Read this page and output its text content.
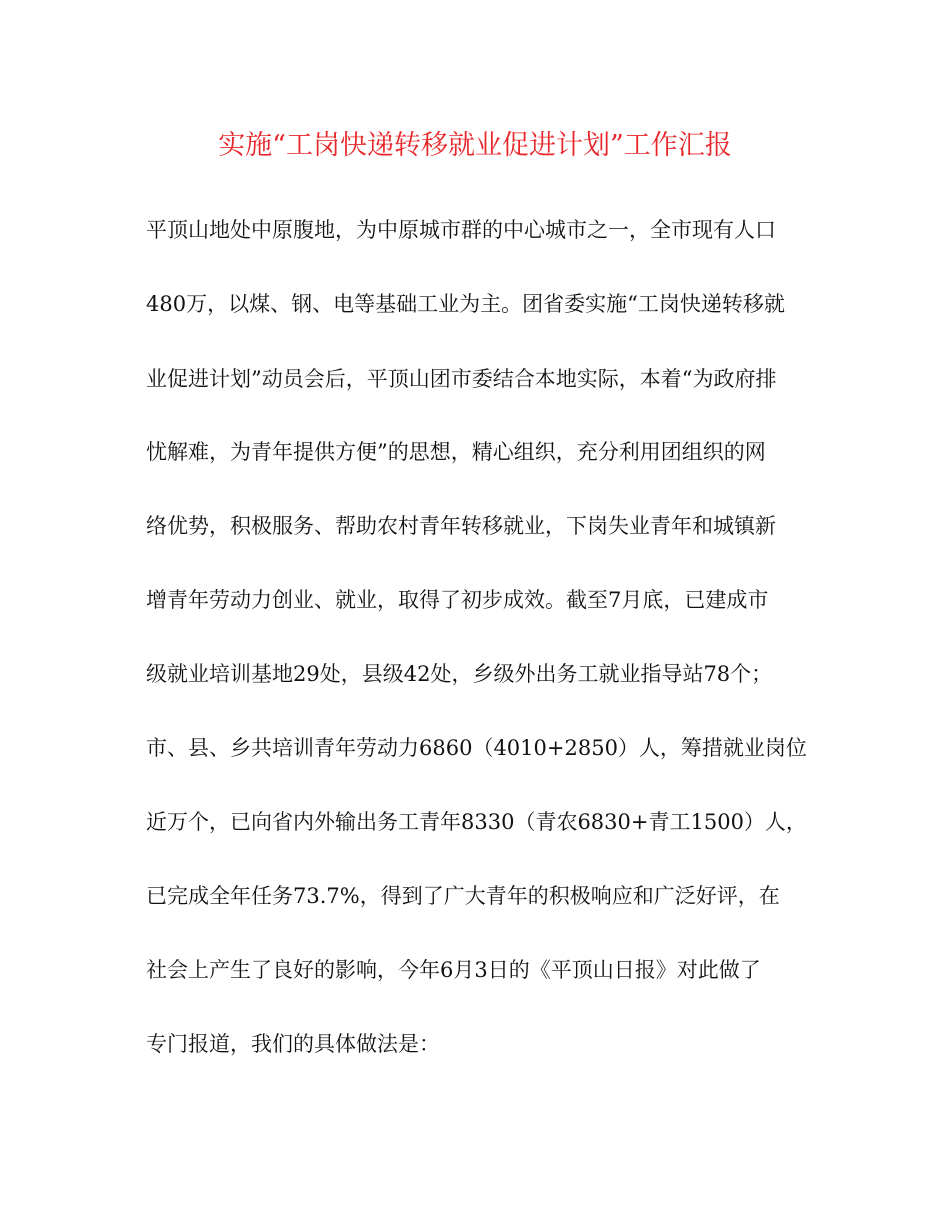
实施“工岗快递转移就业促进计划”工作汇报
平顶山地处中原腹地，为中原城市群的中心城市之一，全市现有人口
480万，以煤、钢、电等基础工业为主。团省委实施“工岗快递转移就
业促进计划”动员会后，平顶山团市委结合本地实际，本着“为政府排
忧解难，为青年提供方便”的思想，精心组织，充分利用团组织的网
络优势，积极服务、帮助农村青年转移就业，下岗失业青年和城镇新
增青年劳动力创业、就业，取得了初步成效。截至7月底，已建成市
级就业培训基地29处，县级42处，乡级外出务工就业指导站78个；
市、县、乡共培训青年劳动力6860（4010+2850）人，筹措就业岗位
近万个，已向省内外输出务工青年8330（青农6830+青工1500）人，
已完成全年任务73.7%，得到了广大青年的积极响应和广泛好评，在
社会上产生了良好的影响，今年6月3日的《平顶山日报》对此做了
专门报道，我们的具体做法是：
